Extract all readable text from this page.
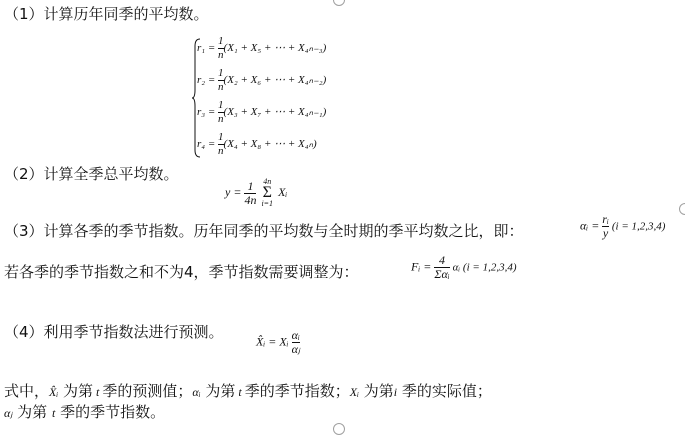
（1）计算历年同季的平均数。
$r_1 = \frac{1}{n} (X_1 + X_5$ + ⋯ + X₄ₙ₋₃)
$r_2 = \frac{1}{n} (X_2 + X_6$ + ⋯ + X₄ₙ₋₂)
$r_3 = \frac{1}{n} (X_3 + X_7$ + ⋯ + X₄ₙ₋₁)
$r_4 = \frac{1}{n} (X_4 + X_8$ + ⋯ + X₄ₙ)
（2）计算全季总平均数。
$y = \frac{1}{4n}$
4n
Σ
i=1
Xᵢ
（3）计算各季的季节指数。历年同季的平均数与全时期的季平均数之比，即：	αᵢ = $\frac{\text{rᵢ}}{y} (i = 1,2,3,4)$
若各季的季节指数之和不为4，季节指数需要调整为：	Fᵢ = $\frac{4}{\text{Σαᵢ}}$ αᵢ (i = 1,2,3,4)
（4）利用季节指数法进行预测。
X̂ᵢ = Xᵢ $\frac{\text{αᵢ}}{\text{αⱼ}}$
式中，X̂ᵢ 为第 t 季的预测值；αᵢ 为第 t 季的季节指数；Xᵢ 为第i 季的实际值；
αⱼ 为第 t 季的季节指数。
